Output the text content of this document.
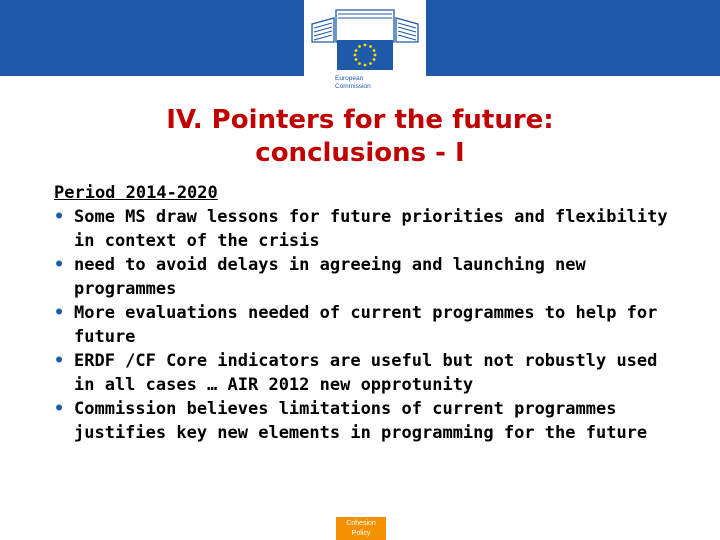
European
Commission
IV. Pointers for the future:
conclusions - I
Period 2014-2020
• Some MS draw lessons for future priorities and flexibility in context of the crisis
• need to avoid delays in agreeing and launching new programmes
• More evaluations needed of current programmes to help for future
• ERDF /CF Core indicators are useful but not robustly used in all cases … AIR 2012 new opprotunity
• Commission believes limitations of current programmes justifies key new elements in programming for the future
Cohesion
Policy
